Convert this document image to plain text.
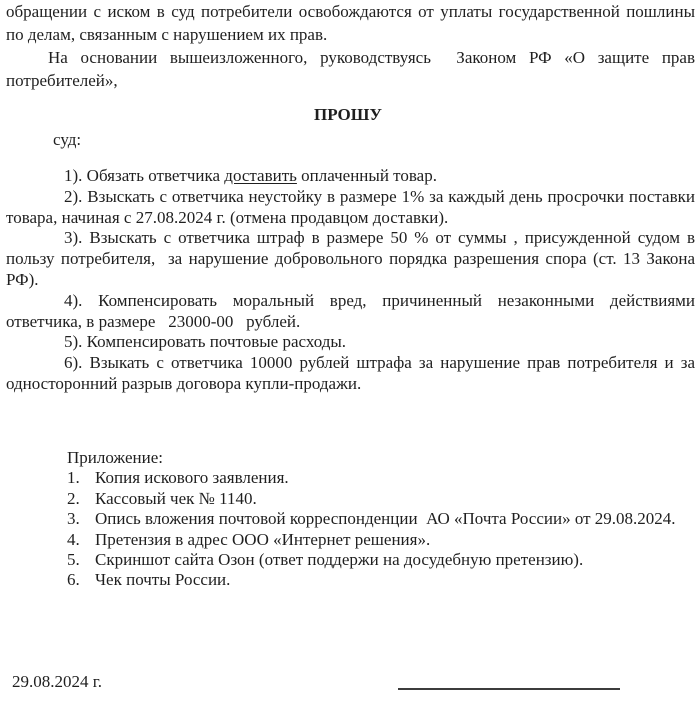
обращении с иском в суд потребители освобождаются от уплаты государственной пошлины по делам, связанным с нарушением их прав.

На основании вышеизложенного, руководствуясь  Законом РФ «О защите прав потребителей»,

ПРОШУ
суд:

1). Обязать ответчика доставить оплаченный товар.

2). Взыскать с ответчика неустойку в размере 1% за каждый день просрочки поставки товара, начиная с 27.08.2024 г. (отмена продавцом доставки).

3). Взыскать с ответчика штраф в размере 50 % от суммы , присужденной судом в пользу потребителя,  за нарушение добровольного порядка разрешения спора (ст. 13 Закона РФ).

4). Компенсировать моральный вред, причиненный незаконными действиями ответчика, в размере   23000-00   рублей.

5). Компенсировать почтовые расходы.

6). Взыкать с ответчика 10000 рублей штрафа за нарушение прав потребителя и за односторонний разрыв договора купли-продажи.

Приложение:

1. Копия искового заявления.
2. Кассовый чек № 1140.
3. Опись вложения почтовой корреспонденции  АО «Почта России» от 29.08.2024.
4. Претензия в адрес ООО «Интернет решения».
5. Скриншот сайта Озон (ответ поддержи на досудебную претензию).
6. Чек почты России.
29.08.2024 г.
